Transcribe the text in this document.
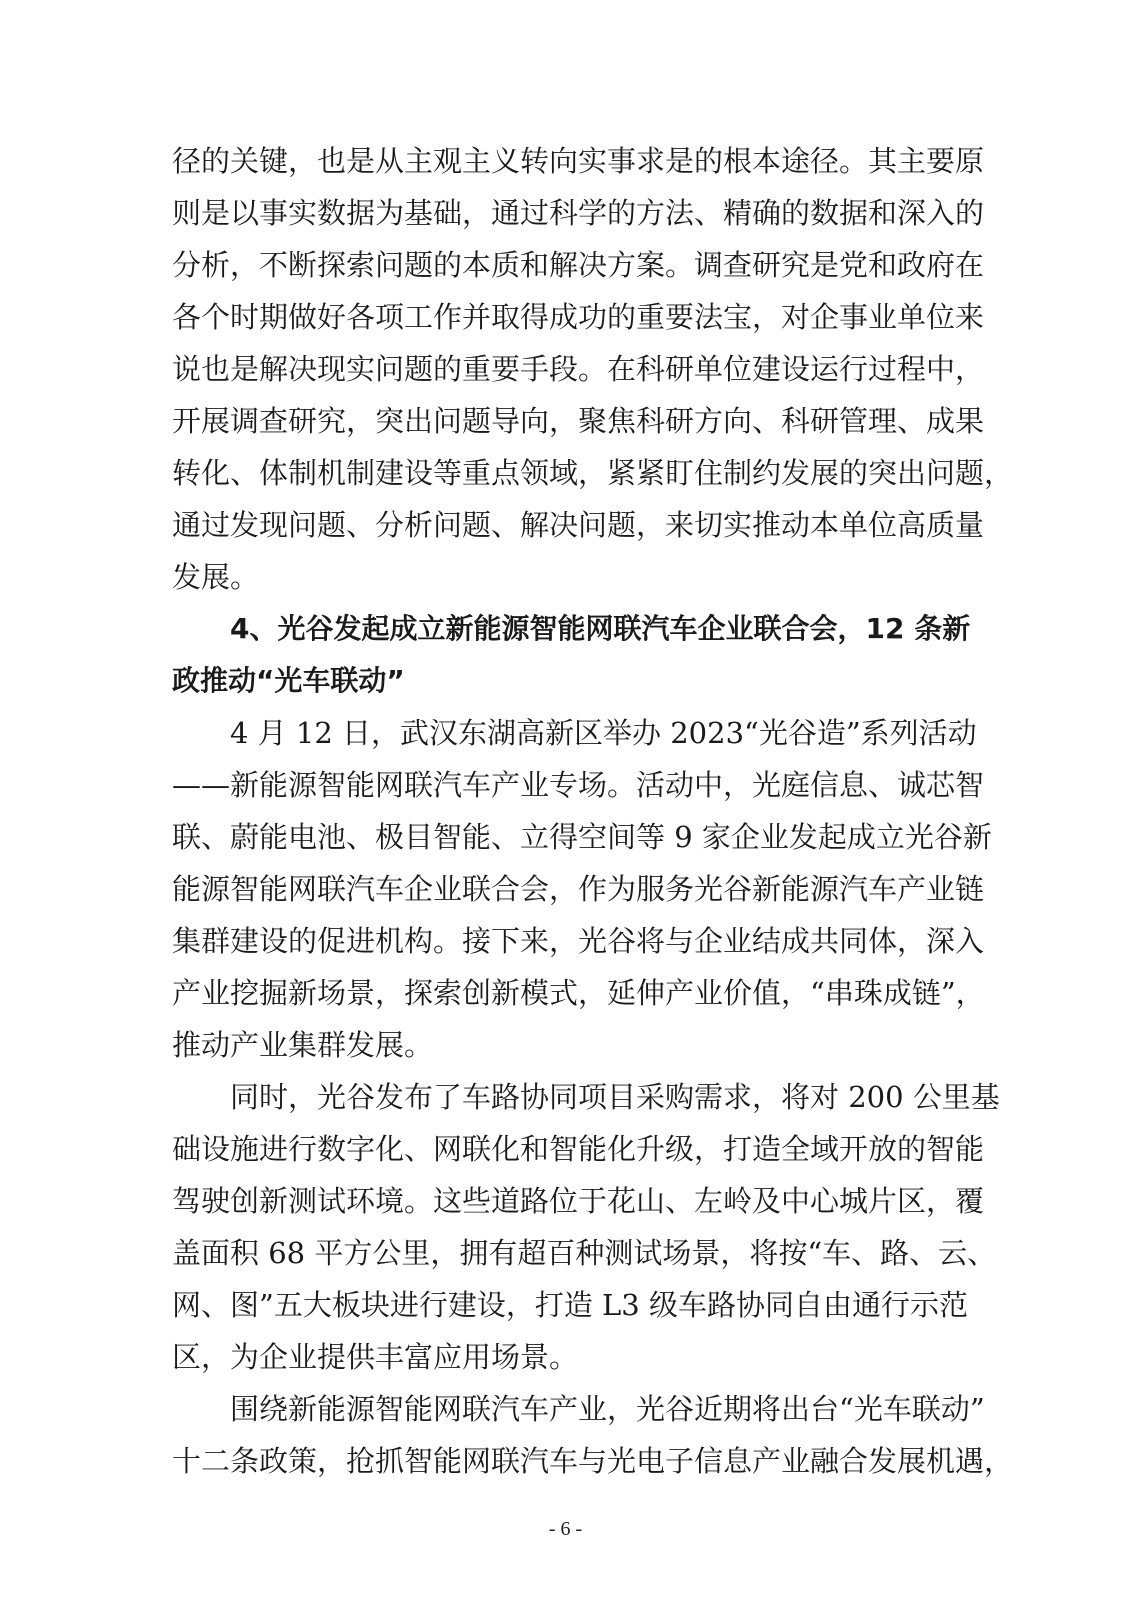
径的关键，也是从主观主义转向实事求是的根本途径。其主要原
则是以事实数据为基础，通过科学的方法、精确的数据和深入的
分析，不断探索问题的本质和解决方案。调查研究是党和政府在
各个时期做好各项工作并取得成功的重要法宝，对企事业单位来
说也是解决现实问题的重要手段。在科研单位建设运行过程中，
开展调查研究，突出问题导向，聚焦科研方向、科研管理、成果
转化、体制机制建设等重点领域，紧紧盯住制约发展的突出问题，
通过发现问题、分析问题、解决问题，来切实推动本单位高质量
发展。
4、光谷发起成立新能源智能网联汽车企业联合会，12 条新
政推动“光车联动”
4 月 12 日，武汉东湖高新区举办 2023“光谷造”系列活动
——新能源智能网联汽车产业专场。活动中，光庭信息、诚芯智
联、蔚能电池、极目智能、立得空间等 9 家企业发起成立光谷新
能源智能网联汽车企业联合会，作为服务光谷新能源汽车产业链
集群建设的促进机构。接下来，光谷将与企业结成共同体，深入
产业挖掘新场景，探索创新模式，延伸产业价值，“串珠成链”，
推动产业集群发展。
同时，光谷发布了车路协同项目采购需求，将对 200 公里基
础设施进行数字化、网联化和智能化升级，打造全域开放的智能
驾驶创新测试环境。这些道路位于花山、左岭及中心城片区，覆
盖面积 68 平方公里，拥有超百种测试场景，将按“车、路、云、
网、图”五大板块进行建设，打造 L3 级车路协同自由通行示范
区，为企业提供丰富应用场景。
围绕新能源智能网联汽车产业，光谷近期将出台“光车联动”
十二条政策，抢抓智能网联汽车与光电子信息产业融合发展机遇，
- 6 -
